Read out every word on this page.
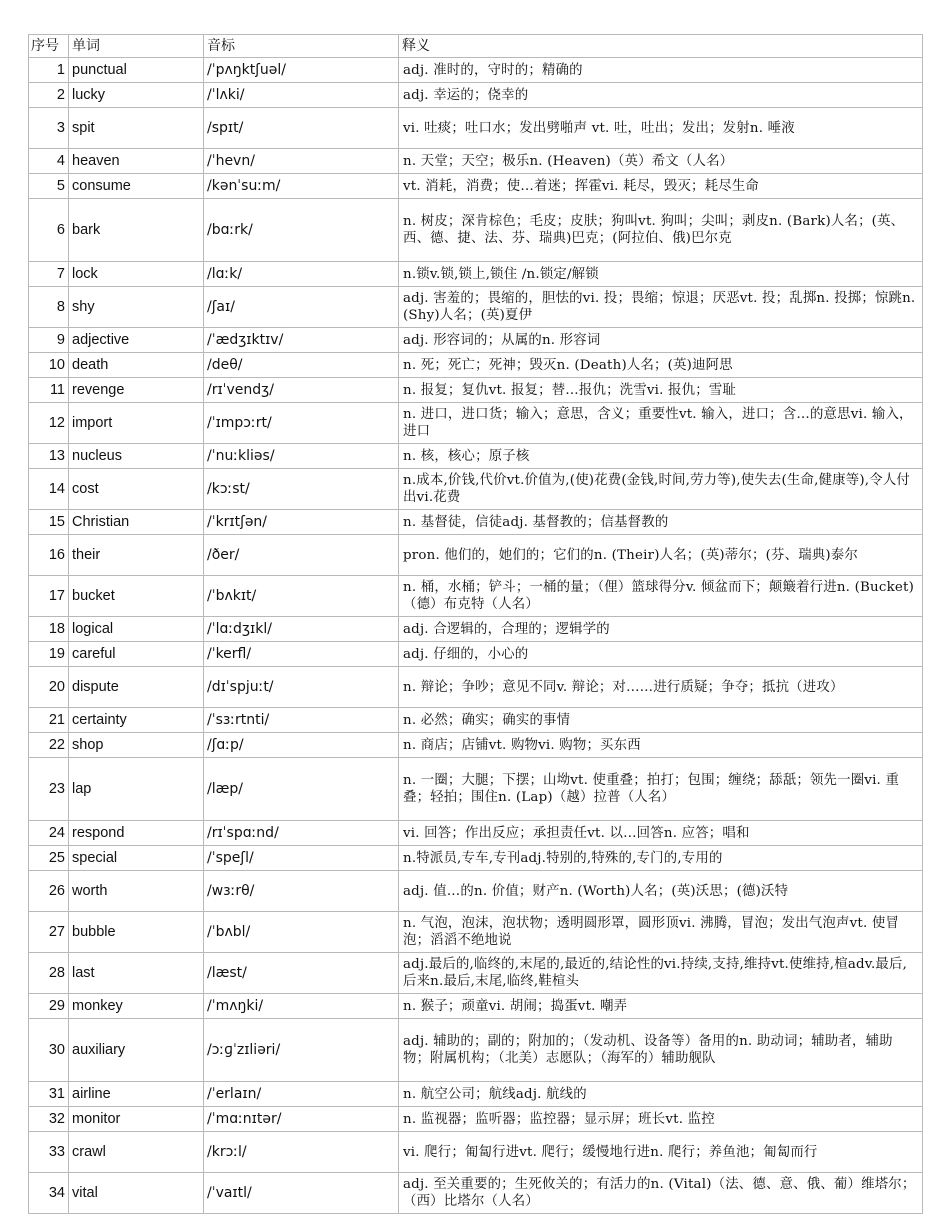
序号	单词	音标	释义
1	punctual	/ˈpʌŋktʃuəl/	adj. 准时的，守时的；精确的
2	lucky	/ˈlʌki/	adj. 幸运的；侥幸的
3	spit	/spɪt/	vi. 吐痰；吐口水；发出劈啪声 vt. 吐，吐出；发出；发射n. 唾液
4	heaven	/ˈhevn/	n. 天堂；天空；极乐n. (Heaven)（英）希文（人名）
5	consume	/kənˈsuːm/	vt. 消耗，消费；使…着迷；挥霍vi. 耗尽，毁灭；耗尽生命
6	bark	/bɑːrk/	n. 树皮；深肯棕色；毛皮；皮肤；狗叫vt. 狗叫；尖叫；剥皮n. (Bark)人名；(英、西、德、捷、法、芬、瑞典)巴克；(阿拉伯、俄)巴尔克
7	lock	/lɑːk/	n.锁v.锁,锁上,锁住 /n.锁定/解锁
8	shy	/ʃaɪ/	adj. 害羞的；畏缩的，胆怯的vi. 投；畏缩；惊退；厌恶vt. 投；乱掷n. 投掷；惊跳n. (Shy)人名；(英)夏伊
9	adjective	/ˈædʒɪktɪv/	adj. 形容词的；从属的n. 形容词
10	death	/deθ/	n. 死；死亡；死神；毁灭n. (Death)人名；(英)迪阿思
11	revenge	/rɪˈvendʒ/	n. 报复；复仇vt. 报复；替…报仇；洗雪vi. 报仇；雪耻
12	import	/ˈɪmpɔːrt/	n. 进口，进口货；输入；意思，含义；重要性vt. 输入，进口；含…的意思vi. 输入，进口
13	nucleus	/ˈnuːkliəs/	n. 核，核心；原子核
14	cost	/kɔːst/	n.成本,价钱,代价vt.价值为,(使)花费(金钱,时间,劳力等),使失去(生命,健康等),令人付出vi.花费
15	Christian	/ˈkrɪtʃən/	n. 基督徒，信徒adj. 基督教的；信基督教的
16	their	/ðer/	pron. 他们的，她们的；它们的n. (Their)人名；(英)蒂尔；(芬、瑞典)泰尔
17	bucket	/ˈbʌkɪt/	n. 桶，水桶；铲斗；一桶的量；（俚）篮球得分v. 倾盆而下；颠簸着行进n. (Bucket)（德）布克特（人名）
18	logical	/ˈlɑːdʒɪkl/	adj. 合逻辑的，合理的；逻辑学的
19	careful	/ˈkerfl/	adj. 仔细的，小心的
20	dispute	/dɪˈspjuːt/	n. 辩论；争吵；意见不同v. 辩论；对……进行质疑；争夺；抵抗（进攻）
21	certainty	/ˈsɜːrtnti/	n. 必然；确实；确实的事情
22	shop	/ʃɑːp/	n. 商店；店铺vt. 购物vi. 购物；买东西
23	lap	/læp/	n. 一圈；大腿；下摆；山坳vt. 使重叠；拍打；包围；缠绕；舔舐；领先一圈vi. 重叠；轻拍；围住n. (Lap)（越）拉普（人名）
24	respond	/rɪˈspɑːnd/	vi. 回答；作出反应；承担责任vt. 以…回答n. 应答；唱和
25	special	/ˈspeʃl/	n.特派员,专车,专刊adj.特别的,特殊的,专门的,专用的
26	worth	/wɜːrθ/	adj. 值…的n. 价值；财产n. (Worth)人名；(英)沃思；(德)沃特
27	bubble	/ˈbʌbl/	n. 气泡，泡沫，泡状物；透明圆形罩，圆形顶vi. 沸腾，冒泡；发出气泡声vt. 使冒泡；滔滔不绝地说
28	last	/læst/	adj.最后的,临终的,末尾的,最近的,结论性的vi.持续,支持,维持vt.使维持,楦adv.最后,后来n.最后,末尾,临终,鞋楦头
29	monkey	/ˈmʌŋki/	n. 猴子；顽童vi. 胡闹；捣蛋vt. 嘲弄
30	auxiliary	/ɔːɡˈzɪliəri/	adj. 辅助的；副的；附加的；（发动机、设备等）备用的n. 助动词；辅助者，辅助物；附属机构；（北美）志愿队；（海军的）辅助舰队
31	airline	/ˈerlaɪn/	n. 航空公司；航线adj. 航线的
32	monitor	/ˈmɑːnɪtər/	n. 监视器；监听器；监控器；显示屏；班长vt. 监控
33	crawl	/krɔːl/	vi. 爬行；匍匐行进vt. 爬行；缓慢地行进n. 爬行；养鱼池；匍匐而行
34	vital	/ˈvaɪtl/	adj. 至关重要的；生死攸关的；有活力的n. (Vital)（法、德、意、俄、葡）维塔尔；（西）比塔尔（人名）
